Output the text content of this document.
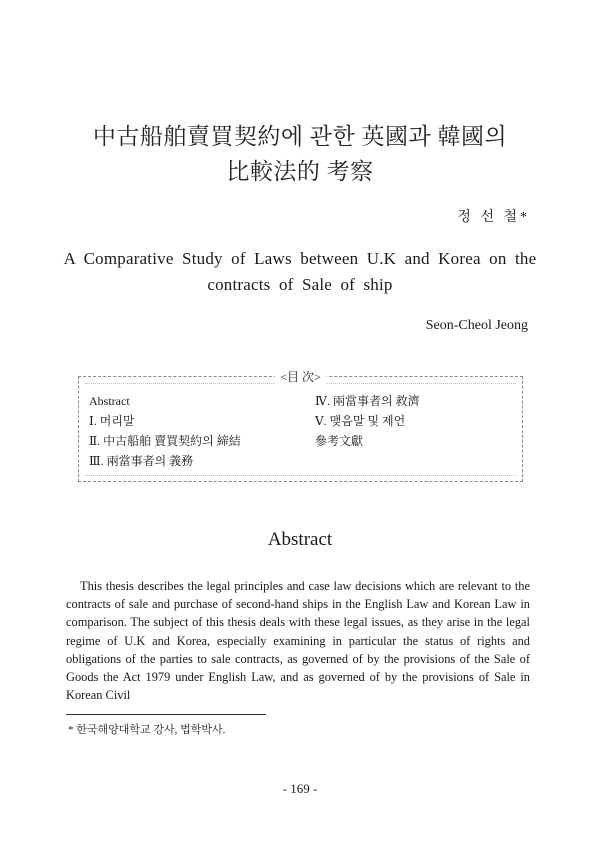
中古船舶賣買契約에 관한 英國과 韓國의
比較法的 考察
정 선 철*
A Comparative Study of Laws between U.K and Korea on the
contracts of Sale of ship
Seon-Cheol Jeong
<目 次>
Abstract
Ⅰ. 머리말
Ⅱ. 中古船舶 賣買契約의 締結
Ⅲ. 兩當事者의 義務
Ⅳ. 兩當事者의 救濟
Ⅴ. 맺음말 및 제언
參考文獻
Abstract
This thesis describes the legal principles and case law decisions which are relevant to the contracts of sale and purchase of second-hand ships in the English Law and Korean Law in comparison. The subject of this thesis deals with these legal issues, as they arise in the legal regime of U.K and Korea, especially examining in particular the status of rights and obligations of the parties to sale contracts, as governed of by the provisions of the Sale of Goods the Act 1979 under English Law, and as governed of by the provisions of Sale in Korean Civil
* 한국해양대학교 강사, 법학박사.
- 169 -
